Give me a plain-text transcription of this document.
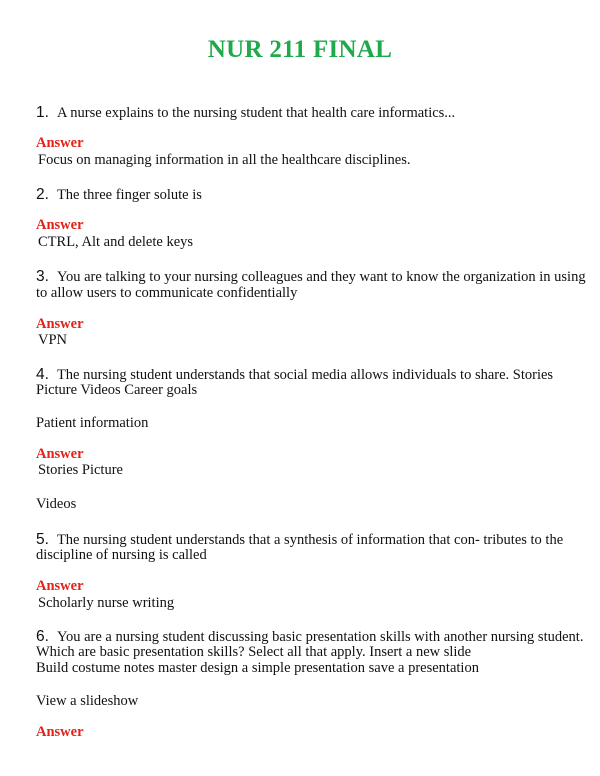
NUR 211 FINAL
1. A nurse explains to the nursing student that health care informatics...
Answer
Focus on managing information in all the healthcare disciplines.
2. The three finger solute is
Answer
CTRL, Alt and delete keys
3. You are talking to your nursing colleagues and they want to know the organization in using
to allow users to communicate confidentially
Answer
VPN
4. The nursing student understands that social media allows individuals to share. Stories
Picture Videos Career goals
Patient information
Answer
Stories Picture
Videos
5. The nursing student understands that a synthesis of information that con- tributes to the
discipline of nursing is called
Answer
Scholarly nurse writing
6. You are a nursing student discussing basic presentation skills with another nursing student.
Which are basic presentation skills? Select all that apply. Insert a new slide
Build costume notes master design a simple presentation save a presentation
View a slideshow
Answer
